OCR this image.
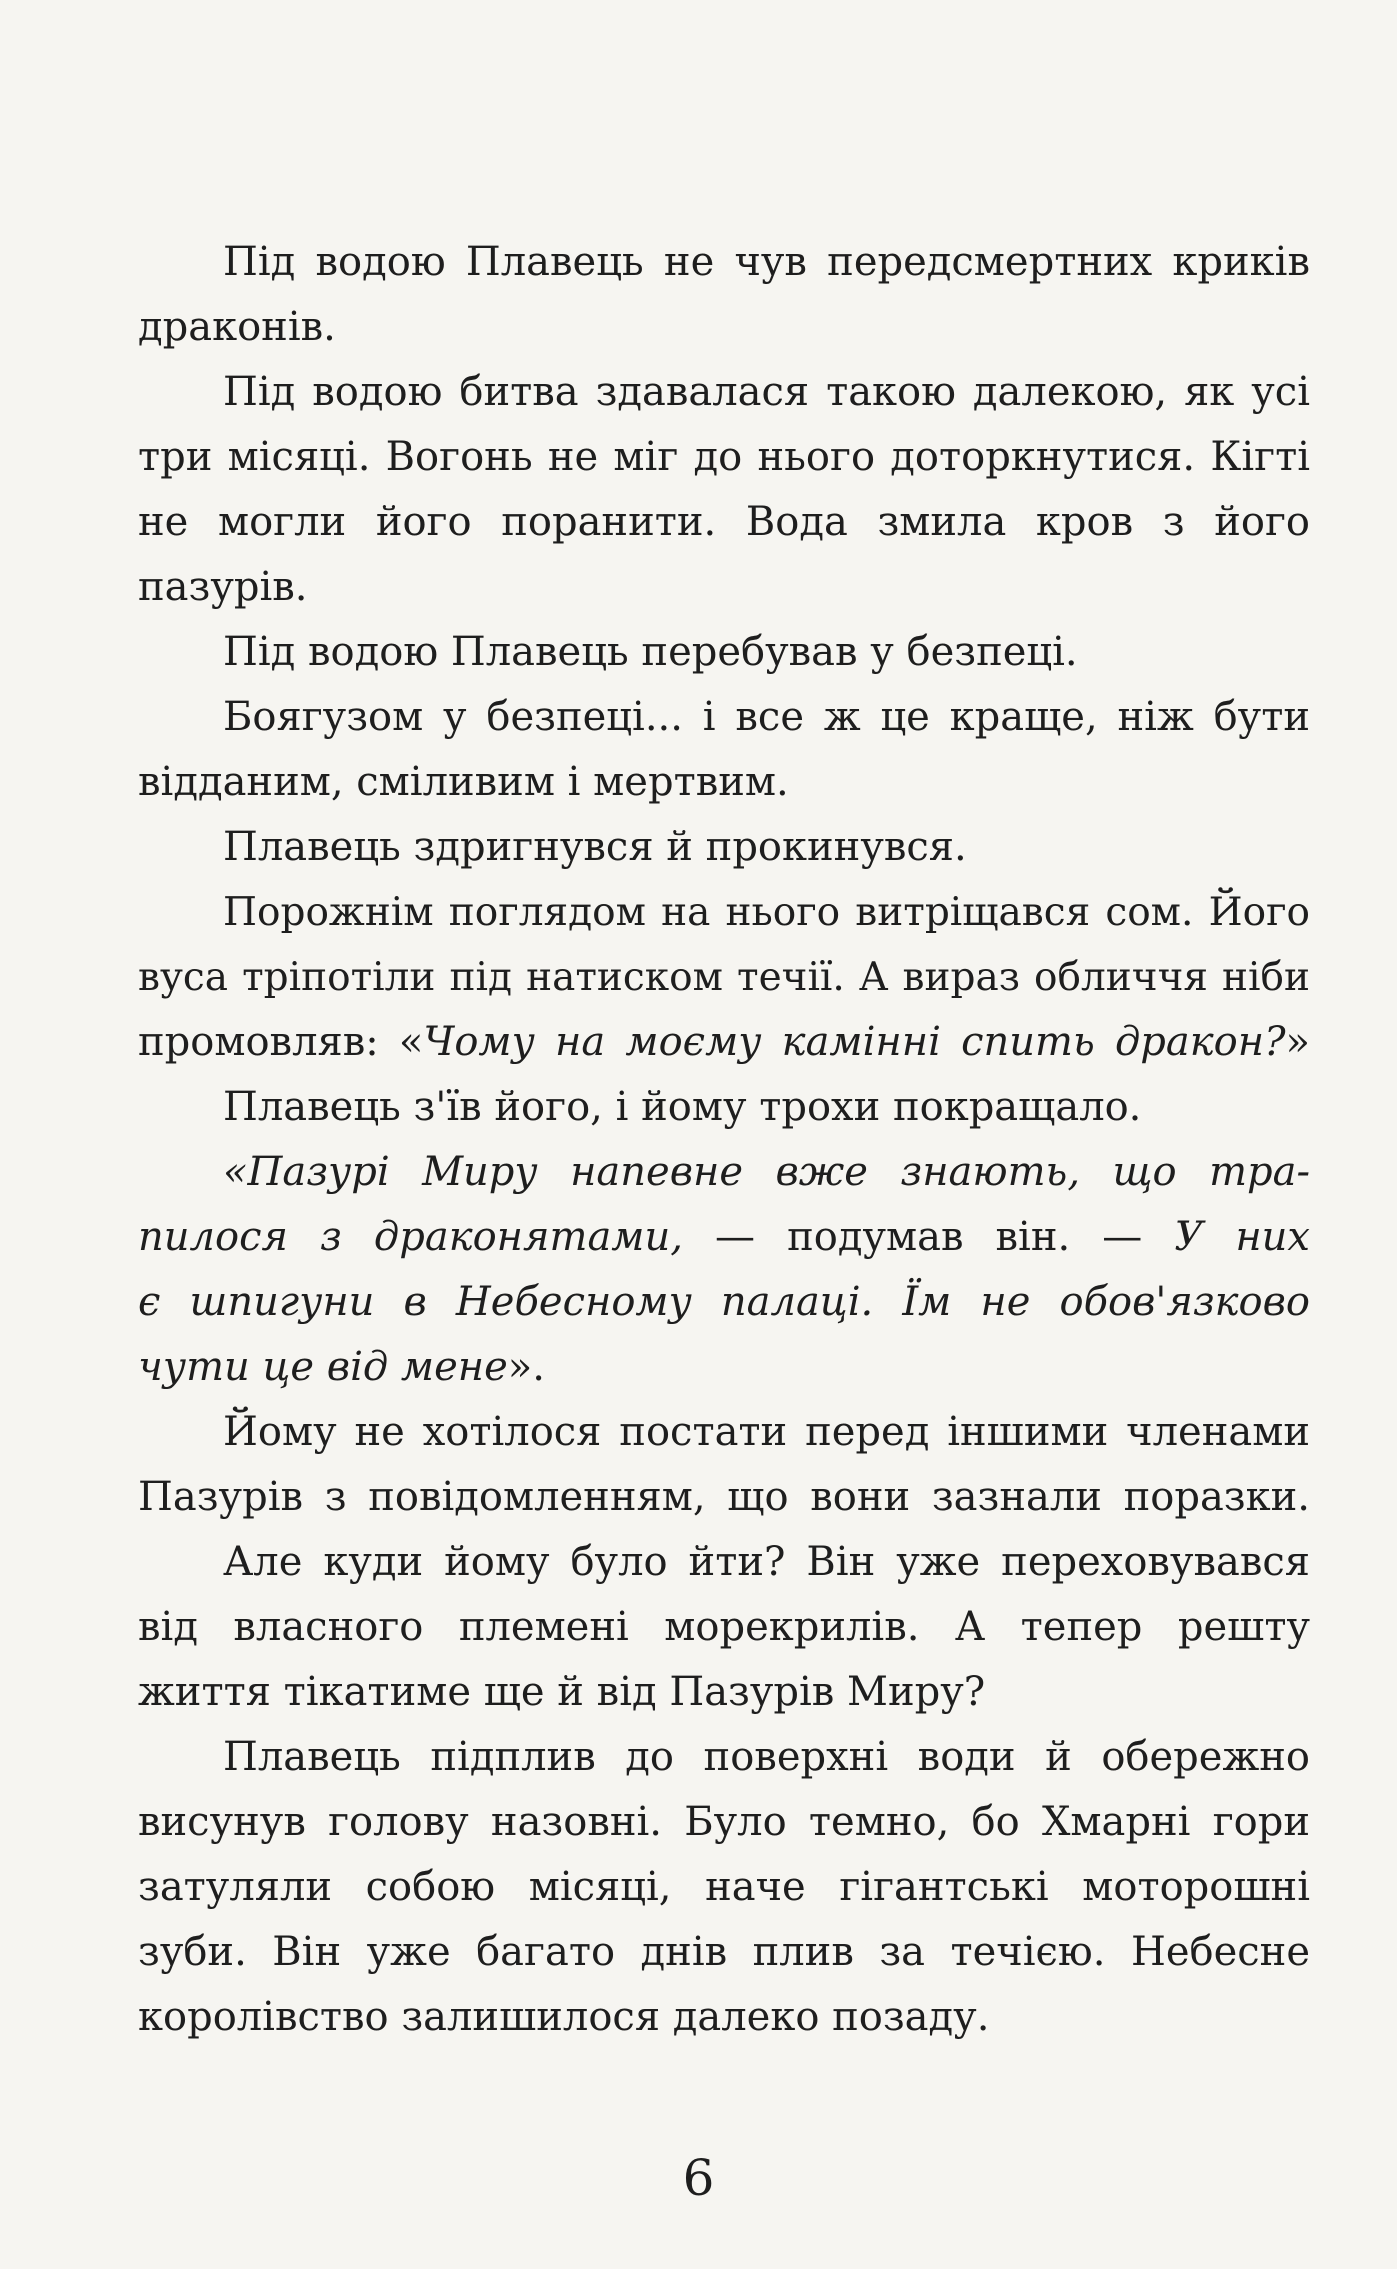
Під водою Плавець не чув передсмертних криків
драконів.
Під водою битва здавалася такою далекою, як усі
три місяці. Вогонь не міг до нього доторкнутися. Кігті
не могли його поранити. Вода змила кров з його
пазурів.
Під водою Плавець перебував у безпеці.
Боягузом у безпеці... і все ж це краще, ніж бути
відданим, сміливим і мертвим.
Плавець здригнувся й прокинувся.
Порожнім поглядом на нього витріщався сом. Його
вуса тріпотіли під натиском течії. А вираз обличчя ніби
промовляв: «Чому на моєму камінні спить дракон?»
Плавець з'їв його, і йому трохи покращало.
«Пазурі Миру напевне вже знають, що тра-
пилося з драконятами, — подумав він. — У них
є шпигуни в Небесному палаці. Їм не обов'язково
чути це від мене».
Йому не хотілося постати перед іншими членами
Пазурів з повідомленням, що вони зазнали поразки.
Але куди йому було йти? Він уже переховувався
від власного племені морекрилів. А тепер решту
життя тікатиме ще й від Пазурів Миру?
Плавець підплив до поверхні води й обережно
висунув голову назовні. Було темно, бо Хмарні гори
затуляли собою місяці, наче гігантські моторошні
зуби. Він уже багато днів плив за течією. Небесне
королівство залишилося далеко позаду.
6
